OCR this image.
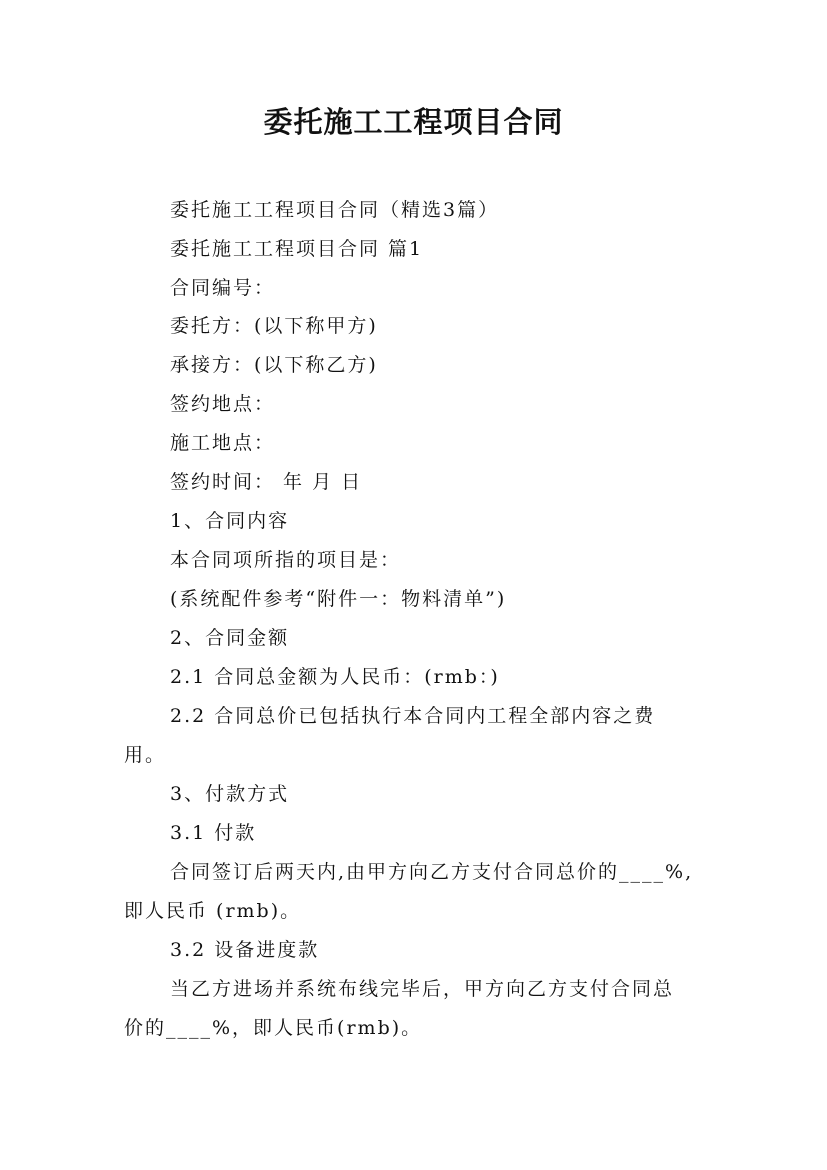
委托施工工程项目合同

委托施工工程项目合同（精选3篇）

委托施工工程项目合同 篇1

合同编号：

委托方：(以下称甲方)

承接方：(以下称乙方)

签约地点：

施工地点：

签约时间： 年 月 日

1、合同内容

本合同项所指的项目是：

(系统配件参考“附件一：物料清单”)

2、合同金额

2.1 合同总金额为人民币：(rmb：)

2.2 合同总价已包括执行本合同内工程全部内容之费

用。

3、付款方式

3.1 付款

合同签订后两天内,由甲方向乙方支付合同总价的____%,

即人民币 (rmb)。

3.2 设备进度款

当乙方进场并系统布线完毕后，甲方向乙方支付合同总

价的____%，即人民币(rmb)。
